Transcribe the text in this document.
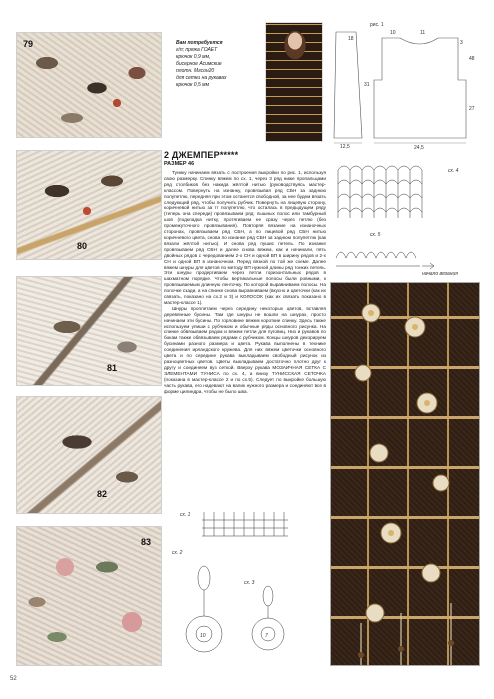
79
80
81
82
83
Вам потребуется
г/п; пряжа ГОАЕТ
крючок 0,9 мм,
бисерное Асимские
плотн. Мгсон20
для сетки на рукавах
крючок 0,5 мм
рис. 1
18
10	11
31
12,5	24,5
27
48
3
2 ДЖЕМПЕР*****
РАЗМЕР 46

Тунику начинаем вязать с построения выкройки по рис. 1, используя свою размерку. Спинку вяжем по сх. 1, через 3 ряд ниже пропальцами ряд столбиков без накида жёлтой нитью (руководствуясь мастер-классом. Повернуть на изнанку, провязывая ряд СБН за заднюю полупетлю, передняя при этом останется свободной, за нее будем вязать следующий ряд, чтобы получить рубчик. Повернуть на лицевую сторону, коричневой нитью за тг полупетлю, что осталась в предыдущем ряду (теперь она спереди) провязываем ряд: пышных полос или тамбурный шов (подкладка нитку, протягиваем ее сразу через петлю (без промежуточного провязывания). Повторяя вязание на изнаночных сторонах, провязываем ряд СБН, а по лицевой ряд СБН нитью коричневого цвета, снова по изнанке ряд СБН за заднюю полупетлю (как вязали жёлтой нитью). И снова ряд пушис петель. По изнанке провязываем ряд СБН и далее снова вяжем, как и начинали, пять двойных рядов с чередованием 2-х СН и одной ВП в ширину рядов и 2-х СН и одной ВП в изнаночном. Перед вязкой по той же схеме. Далее вяжем шнуры для цветов по методу ВП нужной длины ряд тонких петель. Эти шнуры продергиваем через петли горизонтальных рядов в шахматном порядке. Чтобы вертикальные полосы были ровными, к провязываемым длинную ленточку. По которой выравниваем полосы. На полочке сзади, а на спинке снова выравниваем (вкусно и цветочки (как их связать, показано на сх.2 и 3) и КОЛОСОК (как их связать показано в мастер-классе 1).

Шнуры проплетаем через середину некоторых цветов, вставляя деревянные бусины. Там где шнуры не вошли на шнурах, просто начинаем эти бусины. По горловине вяжем короткие спинку. Здесь также используем упиши с рубчиком и обычные ряды основного рисунка. На спинке обвязываем рядом и вяжем петли для пуговиц. Низ и рукавов по бокам также обвязываем рядами с рубчиком. Концы шнуров декорируем бусинами разного размера и цвета. Рукава выполнены в технике соединения ирландского кружева. Для них вяжем цветочки основного цвета и по середине рукава выкладываем свободный рисунок из разноцветных цветов. Цветы выкладываем достаточно плотно друг к другу и соединяем вуз сеткой. Вверху рукава МОЗАИЧНАЯ СЕТКА С ЭЛЕМЕНТАМИ ТУНИСА по сх. 4, а внизу ТУНИССКАЯ СЕТОЧКА (показана в мастер-классе 2 и по сх.5). Следует по выкройке большую часть рукава, его надевают на валик нужного размера и соединяют все в форме цилиндра, чтобы не было шва.

сх. 4
сх. 5
начало вязания
сх. 1
сх. 2
10
сх. 3
7
52
